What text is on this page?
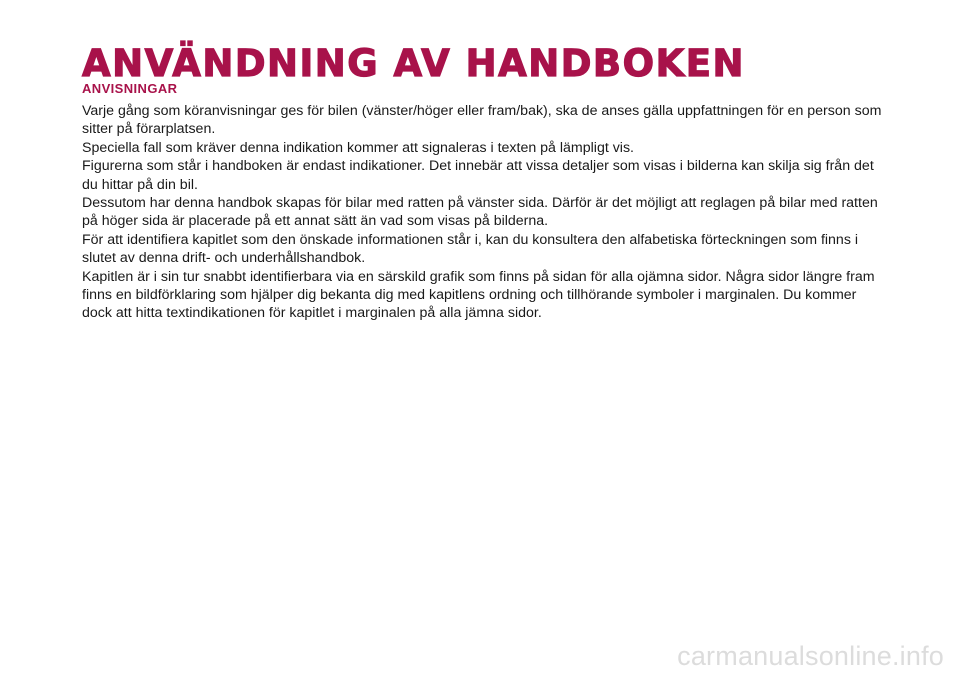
ANVÄNDNING AV HANDBOKEN
ANVISNINGAR

Varje gång som köranvisningar ges för bilen (vänster/höger eller fram/bak), ska de anses gälla uppfattningen för en person som sitter på förarplatsen.

Speciella fall som kräver denna indikation kommer att signaleras i texten på lämpligt vis.

Figurerna som står i handboken är endast indikationer. Det innebär att vissa detaljer som visas i bilderna kan skilja sig från det du hittar på din bil.

Dessutom har denna handbok skapas för bilar med ratten på vänster sida. Därför är det möjligt att reglagen på bilar med ratten på höger sida är placerade på ett annat sätt än vad som visas på bilderna.

För att identifiera kapitlet som den önskade informationen står i, kan du konsultera den alfabetiska förteckningen som finns i slutet av denna drift- och underhållshandbok.

Kapitlen är i sin tur snabbt identifierbara via en särskild grafik som finns på sidan för alla ojämna sidor. Några sidor längre fram finns en bildförklaring som hjälper dig bekanta dig med kapitlens ordning och tillhörande symboler i marginalen. Du kommer dock att hitta textindikationen för kapitlet i marginalen på alla jämna sidor.

carmanualsonline.info
